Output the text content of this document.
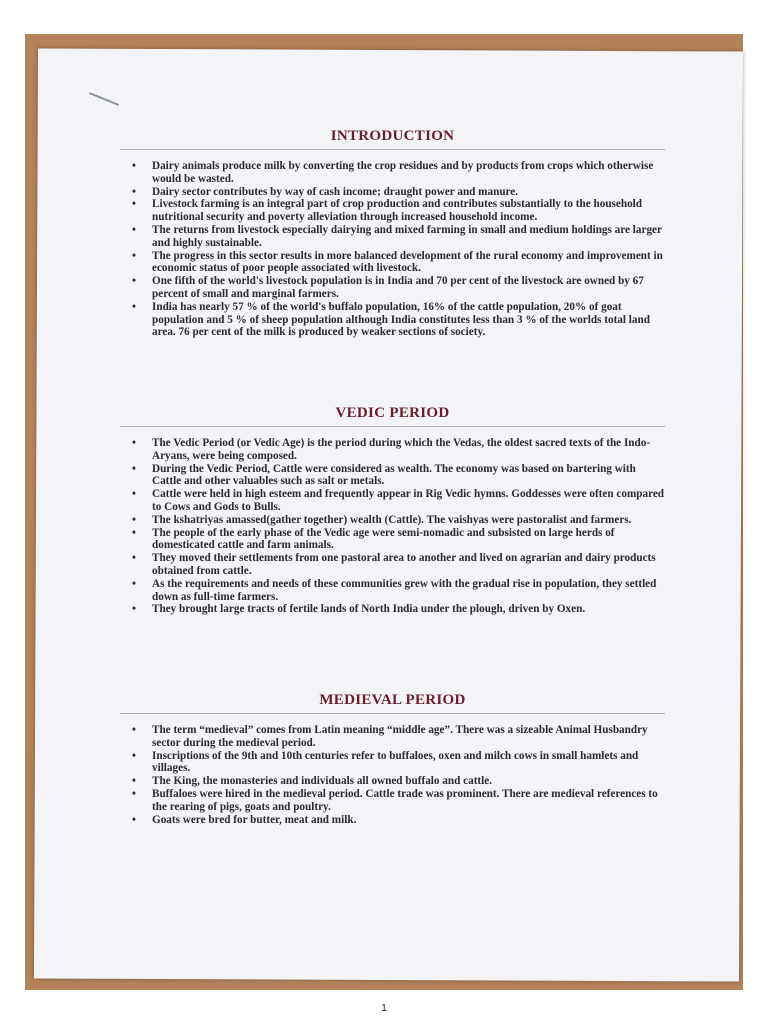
INTRODUCTION
• Dairy animals produce milk by converting the crop residues and by products from crops which otherwise would be wasted.
• Dairy sector contributes by way of cash income; draught power and manure.
• Livestock farming is an integral part of crop production and contributes substantially to the household nutritional security and poverty alleviation through increased household income.
• The returns from livestock especially dairying and mixed farming in small and medium holdings are larger and highly sustainable.
• The progress in this sector results in more balanced development of the rural economy and improvement in economic status of poor people associated with livestock.
• One fifth of the world's livestock population is in India and 70 per cent of the livestock are owned by 67 percent of small and marginal farmers.
• India has nearly 57 % of the world's buffalo population, 16% of the cattle population, 20% of goat population and 5 % of sheep population although India constitutes less than 3 % of the worlds total land area. 76 per cent of the milk is produced by weaker sections of society.
VEDIC PERIOD
• The Vedic Period (or Vedic Age) is the period during which the Vedas, the oldest sacred texts of the Indo-Aryans, were being composed.
• During the Vedic Period, Cattle were considered as wealth. The economy was based on bartering with Cattle and other valuables such as salt or metals.
• Cattle were held in high esteem and frequently appear in Rig Vedic hymns. Goddesses were often compared to Cows and Gods to Bulls.
• The kshatriyas amassed(gather together) wealth (Cattle). The vaishyas were pastoralist and farmers.
• The people of the early phase of the Vedic age were semi-nomadic and subsisted on large herds of domesticated cattle and farm animals.
• They moved their settlements from one pastoral area to another and lived on agrarian and dairy products obtained from cattle.
• As the requirements and needs of these communities grew with the gradual rise in population, they settled down as full-time farmers.
• They brought large tracts of fertile lands of North India under the plough, driven by Oxen.
MEDIEVAL PERIOD
• The term “medieval” comes from Latin meaning “middle age”. There was a sizeable Animal Husbandry sector during the medieval period.
• Inscriptions of the 9th and 10th centuries refer to buffaloes, oxen and milch cows in small hamlets and villages.
• The King, the monasteries and individuals all owned buffalo and cattle.
• Buffaloes were hired in the medieval period. Cattle trade was prominent. There are medieval references to the rearing of pigs, goats and poultry.
• Goats were bred for butter, meat and milk.
1
